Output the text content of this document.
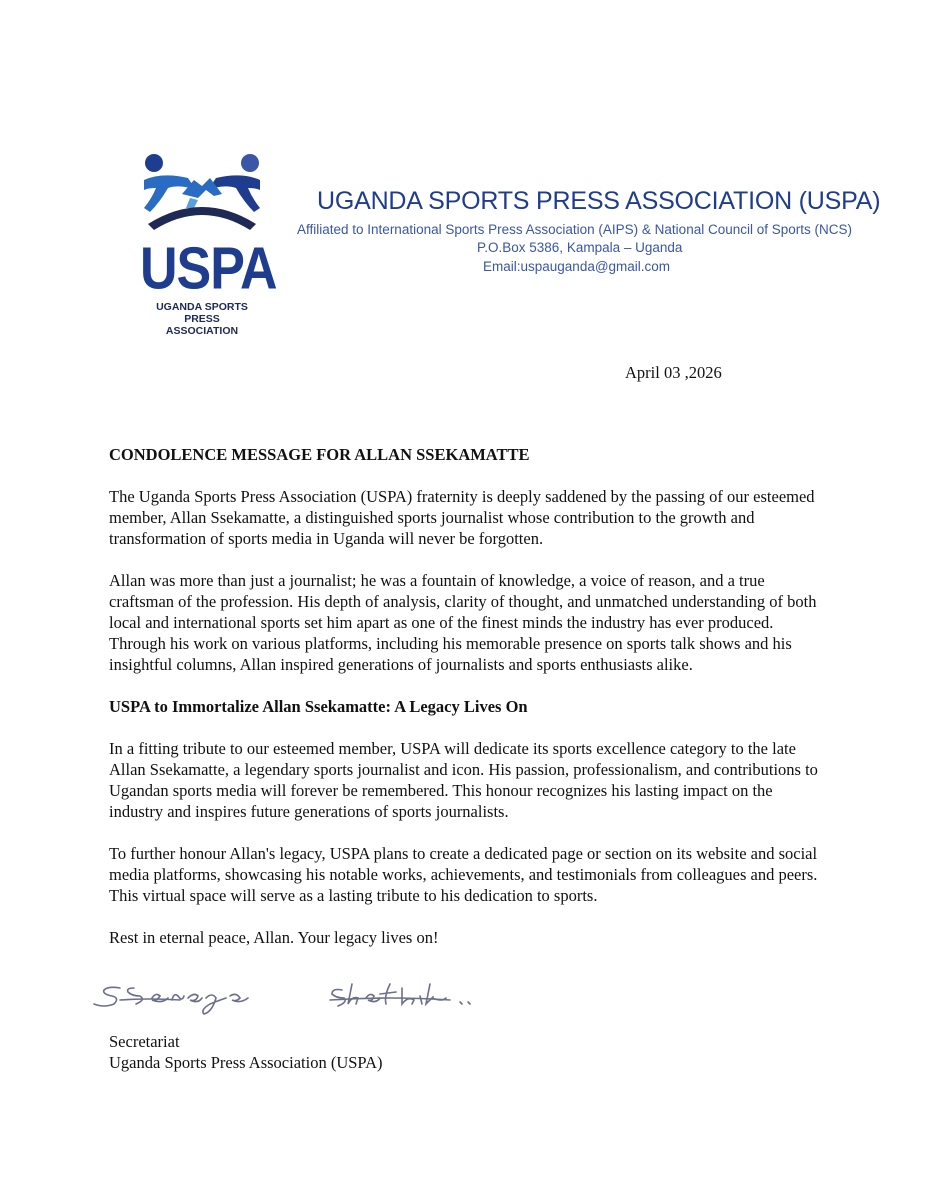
USPA
UGANDA SPORTS PRESS
ASSOCIATION
UGANDA SPORTS PRESS ASSOCIATION (USPA)
Affiliated to International Sports Press Association (AIPS) & National Council of Sports (NCS)
P.O.Box 5386, Kampala – Uganda
Email:uspauganda@gmail.com
April 03 ,2026
CONDOLENCE MESSAGE FOR ALLAN SSEKAMATTE

The Uganda Sports Press Association (USPA) fraternity is deeply saddened by the passing of our esteemed member, Allan Ssekamatte, a distinguished sports journalist whose contribution to the growth and transformation of sports media in Uganda will never be forgotten.

Allan was more than just a journalist; he was a fountain of knowledge, a voice of reason, and a true craftsman of the profession. His depth of analysis, clarity of thought, and unmatched understanding of both local and international sports set him apart as one of the finest minds the industry has ever produced. Through his work on various platforms, including his memorable presence on sports talk shows and his insightful columns, Allan inspired generations of journalists and sports enthusiasts alike.

USPA to Immortalize Allan Ssekamatte: A Legacy Lives On

In a fitting tribute to our esteemed member, USPA will dedicate its sports excellence category to the late Allan Ssekamatte, a legendary sports journalist and icon. His passion, professionalism, and contributions to Ugandan sports media will forever be remembered. This honour recognizes his lasting impact on the industry and inspires future generations of sports journalists.

To further honour Allan's legacy, USPA plans to create a dedicated page or section on its website and social media platforms, showcasing his notable works, achievements, and testimonials from colleagues and peers. This virtual space will serve as a lasting tribute to his dedication to sports.

Rest in eternal peace, Allan. Your legacy lives on!

Secretariat
Uganda Sports Press Association (USPA)
